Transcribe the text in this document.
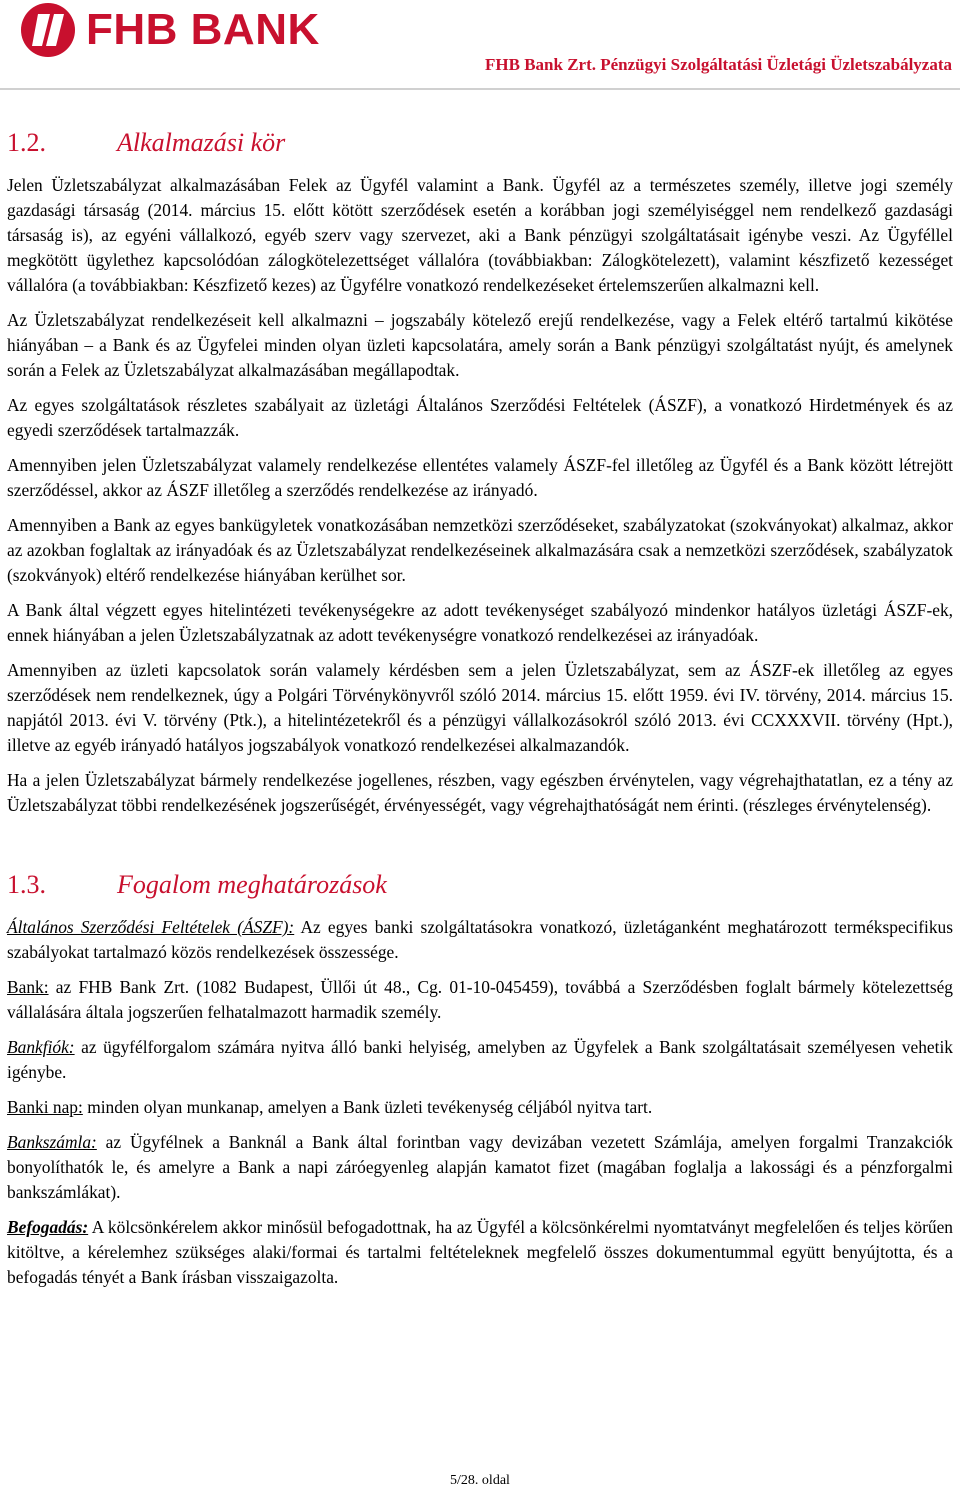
FHB BANK
FHB Bank Zrt. Pénzügyi Szolgáltatási Üzletági Üzletszabályzata
1.2.	Alkalmazási kör

Jelen Üzletszabályzat alkalmazásában Felek az Ügyfél valamint a Bank. Ügyfél az a természetes személy, illetve jogi személy gazdasági társaság (2014. március 15. előtt kötött szerződések esetén a korábban jogi személyiséggel nem rendelkező gazdasági társaság is), az egyéni vállalkozó, egyéb szerv vagy szervezet, aki a Bank pénzügyi szolgáltatásait igénybe veszi. Az Ügyféllel megkötött ügylethez kapcsolódóan zálogkötelezettséget vállalóra (továbbiakban: Zálogkötelezett), valamint készfizető kezességet vállalóra (a továbbiakban: Készfizető kezes) az Ügyfélre vonatkozó rendelkezéseket értelemszerűen alkalmazni kell.

Az Üzletszabályzat rendelkezéseit kell alkalmazni – jogszabály kötelező erejű rendelkezése, vagy a Felek eltérő tartalmú kikötése hiányában – a Bank és az Ügyfelei minden olyan üzleti kapcsolatára, amely során a Bank pénzügyi szolgáltatást nyújt, és amelynek során a Felek az Üzletszabályzat alkalmazásában megállapodtak.

Az egyes szolgáltatások részletes szabályait az üzletági Általános Szerződési Feltételek (ÁSZF), a vonatkozó Hirdetmények és az egyedi szerződések tartalmazzák.

Amennyiben jelen Üzletszabályzat valamely rendelkezése ellentétes valamely ÁSZF-fel illetőleg az Ügyfél és a Bank között létrejött szerződéssel, akkor az ÁSZF illetőleg a szerződés rendelkezése az irányadó.

Amennyiben a Bank az egyes bankügyletek vonatkozásában nemzetközi szerződéseket, szabályzatokat (szokványokat) alkalmaz, akkor az azokban foglaltak az irányadóak és az Üzletszabályzat rendelkezéseinek alkalmazására csak a nemzetközi szerződések, szabályzatok (szokványok) eltérő rendelkezése hiányában kerülhet sor.

A Bank által végzett egyes hitelintézeti tevékenységekre az adott tevékenységet szabályozó mindenkor hatályos üzletági ÁSZF-ek, ennek hiányában a jelen Üzletszabályzatnak az adott tevékenységre vonatkozó rendelkezései az irányadóak.

Amennyiben az üzleti kapcsolatok során valamely kérdésben sem a jelen Üzletszabályzat, sem az ÁSZF-ek illetőleg az egyes szerződések nem rendelkeznek, úgy a Polgári Törvénykönyvről szóló 2014. március 15. előtt 1959. évi IV. törvény, 2014. március 15. napjától 2013. évi V. törvény (Ptk.), a hitelintézetekről és a pénzügyi vállalkozásokról szóló 2013. évi CCXXXVII. törvény (Hpt.), illetve az egyéb irányadó hatályos jogszabályok vonatkozó rendelkezései alkalmazandók.

Ha a jelen Üzletszabályzat bármely rendelkezése jogellenes, részben, vagy egészben érvénytelen, vagy végrehajthatatlan, ez a tény az Üzletszabályzat többi rendelkezésének jogszerűségét, érvényességét, vagy végrehajthatóságát nem érinti. (részleges érvénytelenség).

1.3.	Fogalom meghatározások

Általános Szerződési Feltételek (ÁSZF): Az egyes banki szolgáltatásokra vonatkozó, üzletáganként meghatározott termékspecifikus szabályokat tartalmazó közös rendelkezések összessége.

Bank: az FHB Bank Zrt. (1082 Budapest, Üllői út 48., Cg. 01-10-045459), továbbá a Szerződésben foglalt bármely kötelezettség vállalására általa jogszerűen felhatalmazott harmadik személy.

Bankfiók: az ügyfélforgalom számára nyitva álló banki helyiség, amelyben az Ügyfelek a Bank szolgáltatásait személyesen vehetik igénybe.

Banki nap: minden olyan munkanap, amelyen a Bank üzleti tevékenység céljából nyitva tart.

Bankszámla: az Ügyfélnek a Banknál a Bank által forintban vagy devizában vezetett Számlája, amelyen forgalmi Tranzakciók bonyolíthatók le, és amelyre a Bank a napi záróegyenleg alapján kamatot fizet (magában foglalja a lakossági és a pénzforgalmi bankszámlákat).

Befogadás: A kölcsönkérelem akkor minősül befogadottnak, ha az Ügyfél a kölcsönkérelmi nyomtatványt megfelelően és teljes körűen kitöltve, a kérelemhez szükséges alaki/formai és tartalmi feltételeknek megfelelő összes dokumentummal együtt benyújtotta, és a befogadás tényét a Bank írásban visszaigazolta.

5/28. oldal
